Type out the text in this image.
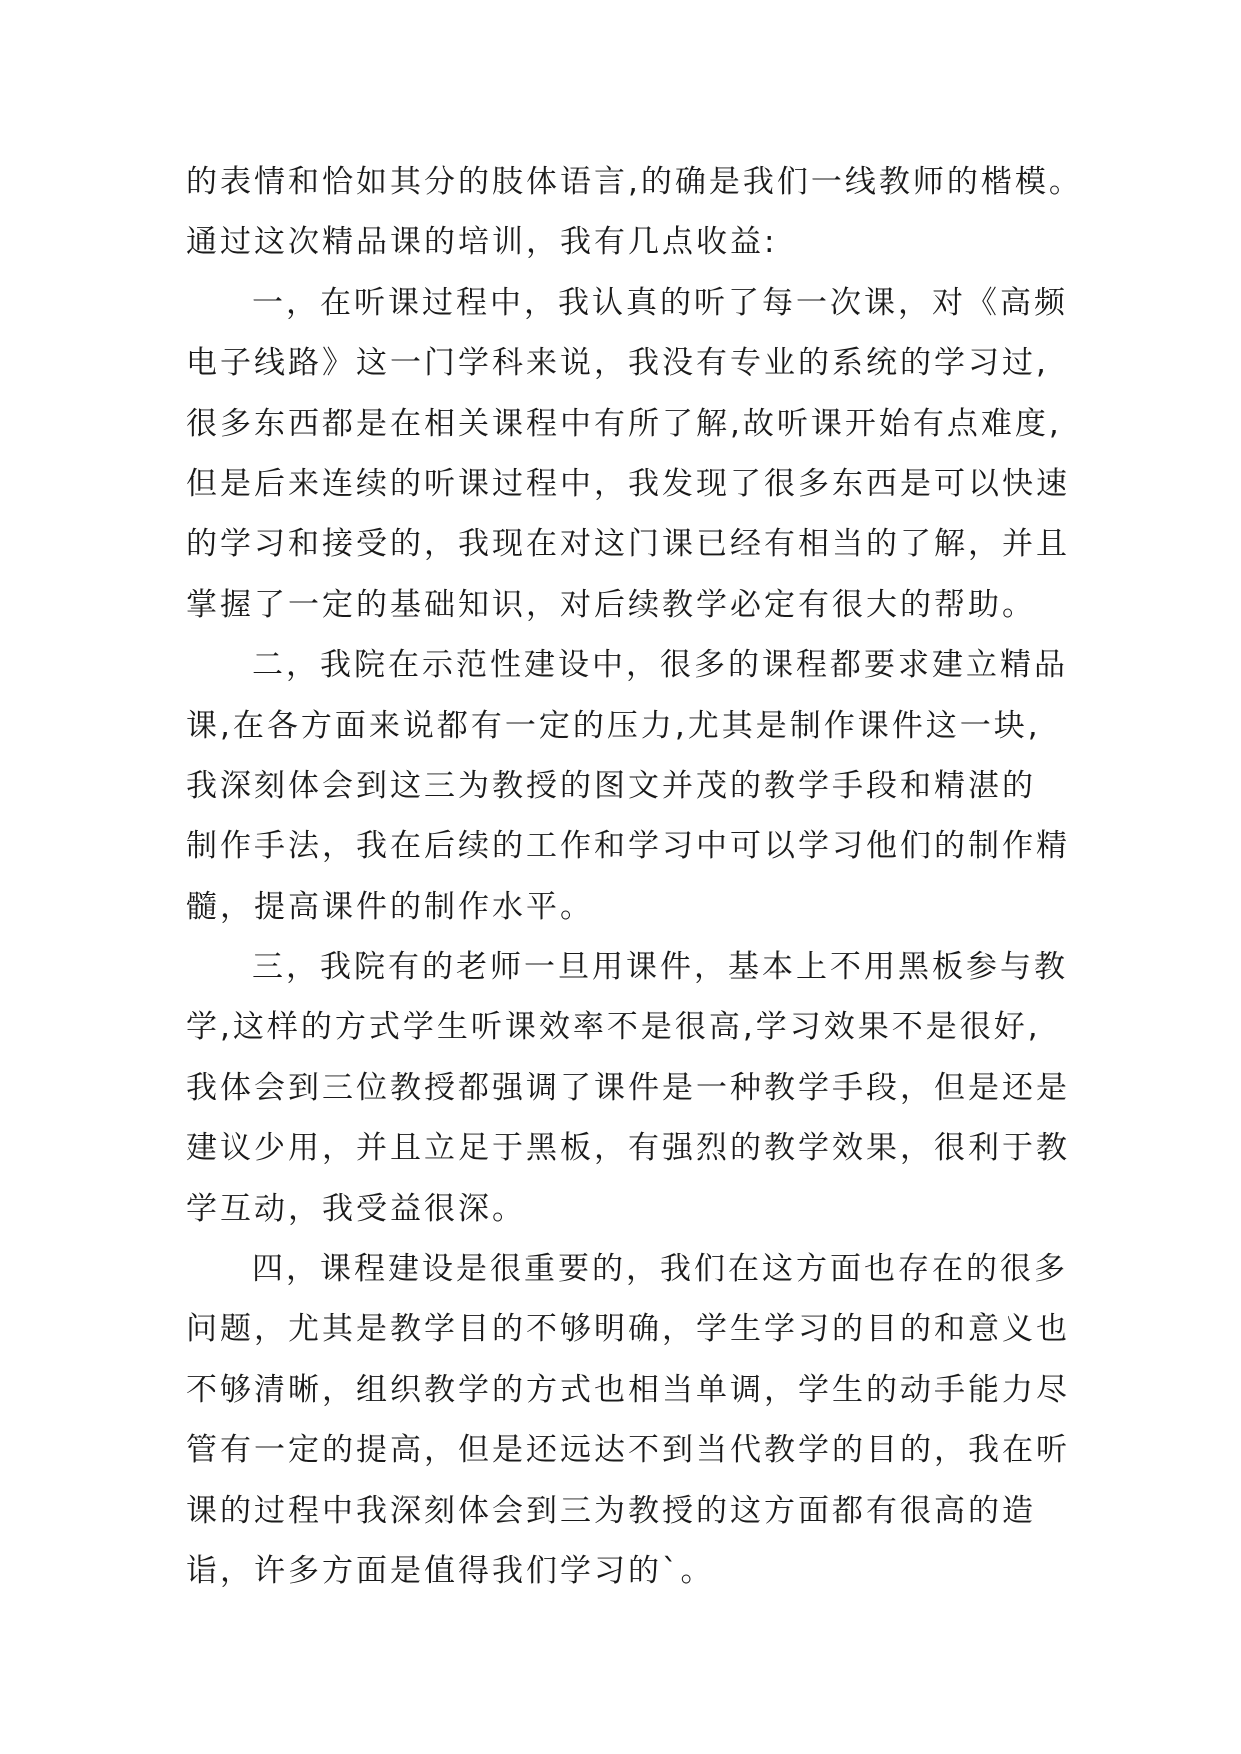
的表情和恰如其分的肢体语言,的确是我们一线教师的楷模。
通过这次精品课的培训，我有几点收益:
一，在听课过程中，我认真的听了每一次课，对《高频
电子线路》这一门学科来说，我没有专业的系统的学习过,
很多东西都是在相关课程中有所了解,故听课开始有点难度,
但是后来连续的听课过程中，我发现了很多东西是可以快速
的学习和接受的，我现在对这门课已经有相当的了解，并且
掌握了一定的基础知识，对后续教学必定有很大的帮助。
二，我院在示范性建设中，很多的课程都要求建立精品
课,在各方面来说都有一定的压力,尤其是制作课件这一块,
我深刻体会到这三为教授的图文并茂的教学手段和精湛的
制作手法，我在后续的工作和学习中可以学习他们的制作精
髓，提高课件的制作水平。
三，我院有的老师一旦用课件，基本上不用黑板参与教
学,这样的方式学生听课效率不是很高,学习效果不是很好,
我体会到三位教授都强调了课件是一种教学手段，但是还是
建议少用，并且立足于黑板，有强烈的教学效果，很利于教
学互动，我受益很深。
四，课程建设是很重要的，我们在这方面也存在的很多
问题，尤其是教学目的不够明确，学生学习的目的和意义也
不够清晰，组织教学的方式也相当单调，学生的动手能力尽
管有一定的提高，但是还远达不到当代教学的目的，我在听
课的过程中我深刻体会到三为教授的这方面都有很高的造
诣，许多方面是值得我们学习的`。
